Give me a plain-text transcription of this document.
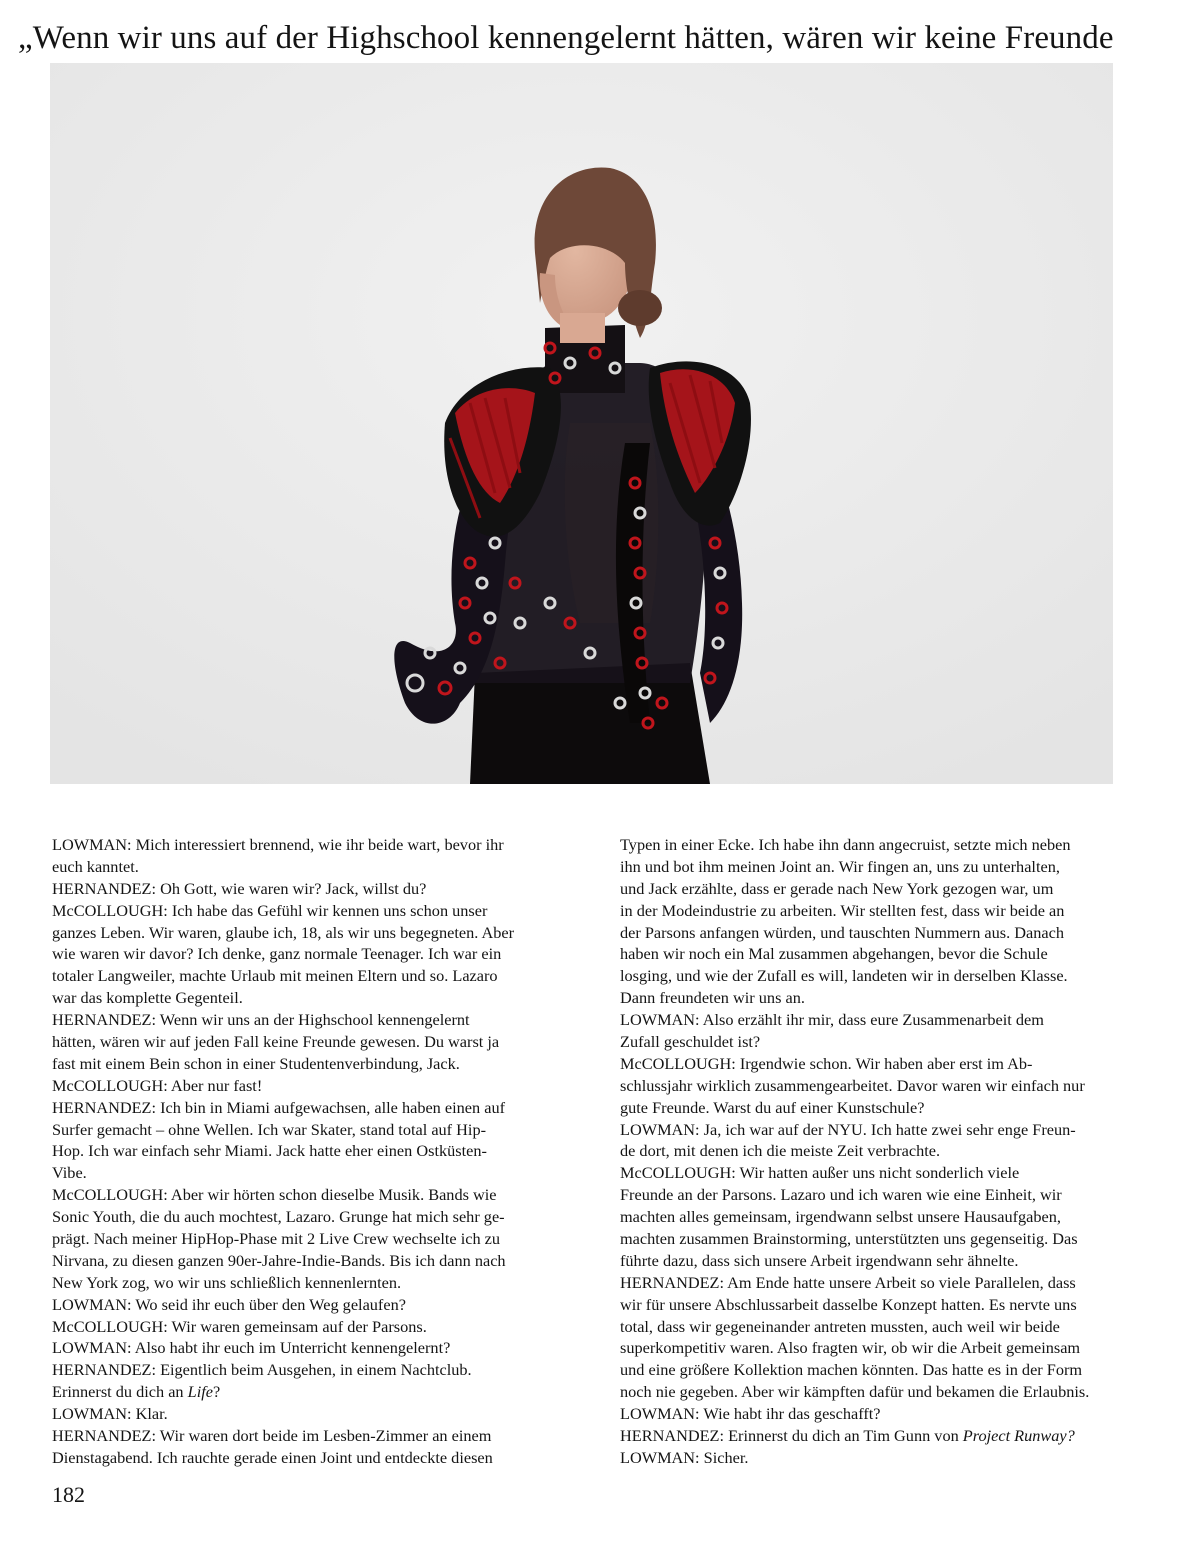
„Wenn wir uns auf der Highschool kennengelernt hätten, wären wir keine Freunde
LOWMAN: Mich interessiert brennend, wie ihr beide wart, bevor ihr
euch kanntet.
HERNANDEZ: Oh Gott, wie waren wir? Jack, willst du?
McCOLLOUGH: Ich habe das Gefühl wir kennen uns schon unser
ganzes Leben. Wir waren, glaube ich, 18, als wir uns begegneten. Aber
wie waren wir davor? Ich denke, ganz normale Teenager. Ich war ein
totaler Langweiler, machte Urlaub mit meinen Eltern und so. Lazaro
war das komplette Gegenteil.
HERNANDEZ: Wenn wir uns an der Highschool kennengelernt
hätten, wären wir auf jeden Fall keine Freunde gewesen. Du warst ja
fast mit einem Bein schon in einer Studentenverbindung, Jack.
McCOLLOUGH: Aber nur fast!
HERNANDEZ: Ich bin in Miami aufgewachsen, alle haben einen auf
Surfer gemacht – ohne Wellen. Ich war Skater, stand total auf Hip-
Hop. Ich war einfach sehr Miami. Jack hatte eher einen Ostküsten-
Vibe.
McCOLLOUGH: Aber wir hörten schon dieselbe Musik. Bands wie
Sonic Youth, die du auch mochtest, Lazaro. Grunge hat mich sehr ge-
prägt. Nach meiner HipHop-Phase mit 2 Live Crew wechselte ich zu
Nirvana, zu diesen ganzen 90er-Jahre-Indie-Bands. Bis ich dann nach
New York zog, wo wir uns schließlich kennenlernten.
LOWMAN: Wo seid ihr euch über den Weg gelaufen?
McCOLLOUGH: Wir waren gemeinsam auf der Parsons.
LOWMAN: Also habt ihr euch im Unterricht kennengelernt?
HERNANDEZ: Eigentlich beim Ausgehen, in einem Nachtclub.
Erinnerst du dich an Life?
LOWMAN: Klar.
HERNANDEZ: Wir waren dort beide im Lesben-Zimmer an einem
Dienstagabend. Ich rauchte gerade einen Joint und entdeckte diesen
Typen in einer Ecke. Ich habe ihn dann angecruist, setzte mich neben
ihn und bot ihm meinen Joint an. Wir fingen an, uns zu unterhalten,
und Jack erzählte, dass er gerade nach New York gezogen war, um
in der Modeindustrie zu arbeiten. Wir stellten fest, dass wir beide an
der Parsons anfangen würden, und tauschten Nummern aus. Danach
haben wir noch ein Mal zusammen abgehangen, bevor die Schule
losging, und wie der Zufall es will, landeten wir in derselben Klasse.
Dann freundeten wir uns an.
LOWMAN: Also erzählt ihr mir, dass eure Zusammenarbeit dem
Zufall geschuldet ist?
McCOLLOUGH: Irgendwie schon. Wir haben aber erst im Ab-
schlussjahr wirklich zusammengearbeitet. Davor waren wir einfach nur
gute Freunde. Warst du auf einer Kunstschule?
LOWMAN: Ja, ich war auf der NYU. Ich hatte zwei sehr enge Freun-
de dort, mit denen ich die meiste Zeit verbrachte.
McCOLLOUGH: Wir hatten außer uns nicht sonderlich viele
Freunde an der Parsons. Lazaro und ich waren wie eine Einheit, wir
machten alles gemeinsam, irgendwann selbst unsere Hausaufgaben,
machten zusammen Brainstorming, unterstützten uns gegenseitig. Das
führte dazu, dass sich unsere Arbeit irgendwann sehr ähnelte.
HERNANDEZ: Am Ende hatte unsere Arbeit so viele Parallelen, dass
wir für unsere Abschlussarbeit dasselbe Konzept hatten. Es nervte uns
total, dass wir gegeneinander antreten mussten, auch weil wir beide
superkompetitiv waren. Also fragten wir, ob wir die Arbeit gemeinsam
und eine größere Kollektion machen könnten. Das hatte es in der Form
noch nie gegeben. Aber wir kämpften dafür und bekamen die Erlaubnis.
LOWMAN: Wie habt ihr das geschafft?
HERNANDEZ: Erinnerst du dich an Tim Gunn von Project Runway?
LOWMAN: Sicher.
182
